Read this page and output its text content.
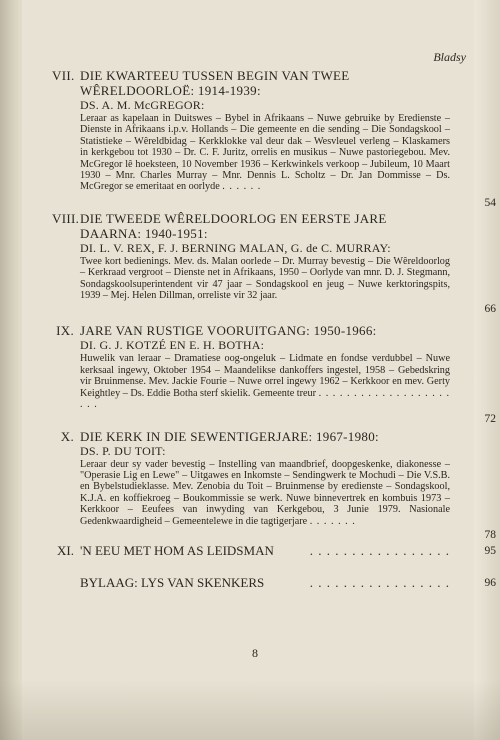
Bladsy
VII. DIE KWARTEEU TUSSEN BEGIN VAN TWEE WÊRELDOORLOË: 1914-1939:
DS. A. M. McGREGOR:
Leraar as kapelaan in Duitswes – Bybel in Afrikaans – Nuwe gebruike by Eredienste – Dienste in Afrikaans i.p.v. Hollands – Die gemeente en die sending – Die Sondagskool – Statistieke – Wêreldbidag – Kerkklokke val deur dak – Wesvleuel verleng – Klaskamers in kerkgebou tot 1930 – Dr. C. F. Juritz, orrelis en musikus – Nuwe pastoriegebou. Mev. McGregor lê hoeksteen, 10 November 1936 – Kerkwinkels verkoop – Jubileum, 10 Maart 1930 – Mnr. Charles Murray – Mnr. Dennis L. Scholtz – Dr. Jan Dommisse – Ds. McGregor se emeritaat en oorlyde . . . . . .
54
VIII. DIE TWEEDE WÊRELDOORLOG EN EERSTE JARE DAARNA: 1940-1951:
DI. L. V. REX, F. J. BERNING MALAN, G. de C. MURRAY:
Twee kort bedienings. Mev. ds. Malan oorlede – Dr. Murray bevestig – Die Wêreldoorlog – Kerkraad vergroot – Dienste net in Afrikaans, 1950 – Oorlyde van mnr. D. J. Stegmann, Sondagskoolsuperintendent vir 47 jaar – Sondagskool en jeug – Nuwe kerktoringspits, 1939 – Mej. Helen Dillman, orreliste vir 32 jaar.
66
IX. JARE VAN RUSTIGE VOORUITGANG: 1950-1966:
DI. G. J. KOTZÉ EN E. H. BOTHA:
Huwelik van leraar – Dramatiese oog-ongeluk – Lidmate en fondse verdubbel – Nuwe kerksaal ingewy, Oktober 1954 – Maandelikse dankoffers ingestel, 1958 – Gebedskring vir Bruinmense. Mev. Jackie Fourie – Nuwe orrel ingewy 1962 – Kerkkoor en mev. Gerty Keightley – Ds. Eddie Botha sterf skielik. Gemeente treur . . . . . . . . . . . . . . . . . . . . . .
72
X. DIE KERK IN DIE SEWENTIGERJARE: 1967-1980:
DS. P. DU TOIT:
Leraar deur sy vader bevestig – Instelling van maandbrief, doopgeskenke, diakonesse – "Operasie Lig en Lewe" – Uitgawes en Inkomste – Sendingwerk te Mochudi – Die V.S.B. en Bybelstudieklasse. Mev. Zenobia du Toit – Bruinmense by eredienste – Sondagskool, K.J.A. en koffiekroeg – Boukommissie se werk. Nuwe binnevertrek en kombuis 1973 – Kerkkoor – Eeufees van inwyding van Kerkgebou, 3 Junie 1979. Nasionale Gedenkwaardigheid – Gemeentelewe in die tagtigerjare . . . . . . .
78
XI. 'N EEU MET HOM AS LEIDSMAN	. . . . . . . . . . . . . . . . .	95
BYLAAG: LYS VAN SKENKERS	. . . . . . . . . . . . . . . . .	96
8
